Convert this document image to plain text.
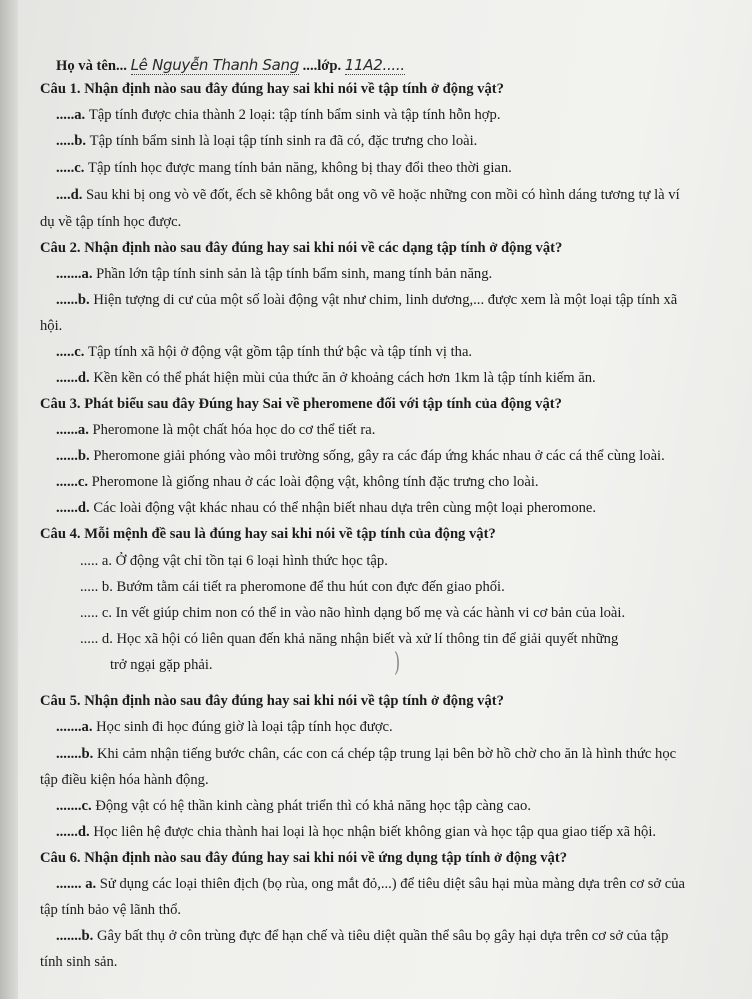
Họ và tên... Lê Nguyễn Thanh Sang ....lớp. 11A2.....
Câu 1. Nhận định nào sau đây đúng hay sai khi nói về tập tính ở động vật?
.....a. Tập tính được chia thành 2 loại: tập tính bẩm sinh và tập tính hỗn hợp.
.....b. Tập tính bẩm sinh là loại tập tính sinh ra đã có, đặc trưng cho loài.
.....c. Tập tính học được mang tính bản năng, không bị thay đổi theo thời gian.
....d. Sau khi bị ong vò vẽ đốt, ếch sẽ không bắt ong võ vẽ hoặc những con mồi có hình dáng tương tự là ví
dụ về tập tính học được.
Câu 2. Nhận định nào sau đây đúng hay sai khi nói về các dạng tập tính ở động vật?
.......a. Phần lớn tập tính sinh sản là tập tính bẩm sinh, mang tính bản năng.
......b. Hiện tượng di cư của một số loài động vật như chim, linh dương,... được xem là một loại tập tính xã
hội.
.....c. Tập tính xã hội ở động vật gồm tập tính thứ bậc và tập tính vị tha.
......d. Kền kền có thể phát hiện mùi của thức ăn ở khoảng cách hơn 1km là tập tính kiếm ăn.
Câu 3. Phát biểu sau đây Đúng hay Sai về pheromene đối với tập tính của động vật?
......a. Pheromone là một chất hóa học do cơ thể tiết ra.
......b. Pheromone giải phóng vào môi trường sống, gây ra các đáp ứng khác nhau ở các cá thể cùng loài.
......c. Pheromone là giống nhau ở các loài động vật, không tính đặc trưng cho loài.
......d. Các loài động vật khác nhau có thể nhận biết nhau dựa trên cùng một loại pheromone.
Câu 4. Mỗi mệnh đề sau là đúng hay sai khi nói về tập tính của động vật?
..... a. Ở động vật chỉ tồn tại 6 loại hình thức học tập.
..... b. Bướm tằm cái tiết ra pheromone để thu hút con đực đến giao phối.
..... c. In vết giúp chim non có thể in vào não hình dạng bố mẹ và các hành vi cơ bản của loài.
..... d. Học xã hội có liên quan đến khả năng nhận biết và xử lí thông tin để giải quyết những
trở ngại gặp phải.	)
Câu 5. Nhận định nào sau đây đúng hay sai khi nói về tập tính ở động vật?
.......a. Học sinh đi học đúng giờ là loại tập tính học được.
.......b. Khi cảm nhận tiếng bước chân, các con cá chép tập trung lại bên bờ hồ chờ cho ăn là hình thức học
tập điều kiện hóa hành động.
.......c. Động vật có hệ thần kinh càng phát triển thì có khả năng học tập càng cao.
......d. Học liên hệ được chia thành hai loại là học nhận biết không gian và học tập qua giao tiếp xã hội.
Câu 6. Nhận định nào sau đây đúng hay sai khi nói về ứng dụng tập tính ở động vật?
....... a. Sử dụng các loại thiên địch (bọ rùa, ong mắt đỏ,...) để tiêu diệt sâu hại mùa màng dựa trên cơ sở của
tập tính bảo vệ lãnh thổ.
.......b. Gây bất thụ ở côn trùng đực để hạn chế và tiêu diệt quần thể sâu bọ gây hại dựa trên cơ sở của tập
tính sinh sản.
